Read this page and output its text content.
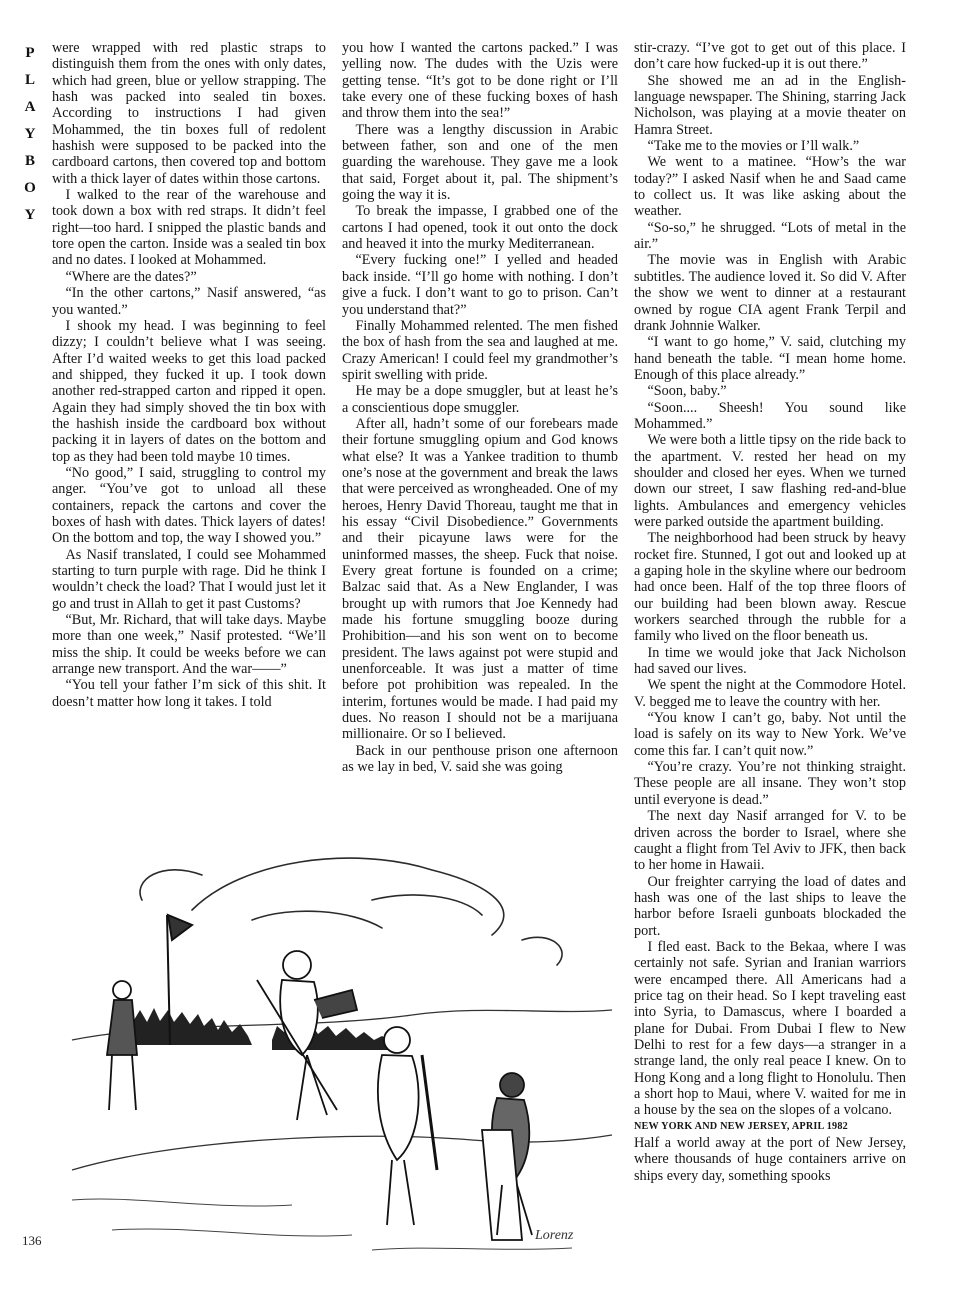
P
L
A
Y
B
O
Y

were wrapped with red plastic straps to distinguish them from the ones with only dates, which had green, blue or yellow strapping. The hash was packed into sealed tin boxes. According to instructions I had given Mohammed, the tin boxes full of redolent hashish were supposed to be packed into the cardboard cartons, then covered top and bottom with a thick layer of dates within those cartons.

I walked to the rear of the warehouse and took down a box with red straps. It didn’t feel right—too hard. I snipped the plastic bands and tore open the carton. Inside was a sealed tin box and no dates. I looked at Mohammed.

“Where are the dates?”

“In the other cartons,” Nasif answered, “as you wanted.”

I shook my head. I was beginning to feel dizzy; I couldn’t believe what I was seeing. After I’d waited weeks to get this load packed and shipped, they fucked it up. I took down another red-strapped carton and ripped it open. Again they had simply shoved the tin box with the hashish inside the cardboard box without packing it in layers of dates on the bottom and top as they had been told maybe 10 times.

“No good,” I said, struggling to control my anger. “You’ve got to unload all these containers, repack the cartons and cover the boxes of hash with dates. Thick layers of dates! On the bottom and top, the way I showed you.”

As Nasif translated, I could see Mohammed starting to turn purple with rage. Did he think I wouldn’t check the load? That I would just let it go and trust in Allah to get it past Customs?

“But, Mr. Richard, that will take days. Maybe more than one week,” Nasif protested. “We’ll miss the ship. It could be weeks before we can arrange new transport. And the war——”

“You tell your father I’m sick of this shit. It doesn’t matter how long it takes. I told

you how I wanted the cartons packed.” I was yelling now. The dudes with the Uzis were getting tense. “It’s got to be done right or I’ll take every one of these fucking boxes of hash and throw them into the sea!”

There was a lengthy discussion in Arabic between father, son and one of the men guarding the warehouse. They gave me a look that said, Forget about it, pal. The shipment’s going the way it is.

To break the impasse, I grabbed one of the cartons I had opened, took it out onto the dock and heaved it into the murky Mediterranean.

“Every fucking one!” I yelled and headed back inside. “I’ll go home with nothing. I don’t give a fuck. I don’t want to go to prison. Can’t you understand that?”

Finally Mohammed relented. The men fished the box of hash from the sea and laughed at me. Crazy American! I could feel my grandmother’s spirit swelling with pride.

He may be a dope smuggler, but at least he’s a conscientious dope smuggler.

After all, hadn’t some of our forebears made their fortune smuggling opium and God knows what else? It was a Yankee tradition to thumb one’s nose at the government and break the laws that were perceived as wrongheaded. One of my heroes, Henry David Thoreau, taught me that in his essay “Civil Disobedience.” Governments and their picayune laws were for the uninformed masses, the sheep. Fuck that noise. Every great fortune is founded on a crime; Balzac said that. As a New Englander, I was brought up with rumors that Joe Kennedy had made his fortune smuggling booze during Prohibition—and his son went on to become president. The laws against pot were stupid and unenforceable. It was just a matter of time before pot prohibition was repealed. In the interim, fortunes would be made. I had paid my dues. No reason I should not be a marijuana millionaire. Or so I believed.

Back in our penthouse prison one afternoon as we lay in bed, V. said she was going

stir-crazy. “I’ve got to get out of this place. I don’t care how fucked-up it is out there.”

She showed me an ad in the English-language newspaper. The Shining, starring Jack Nicholson, was playing at a movie theater on Hamra Street.

“Take me to the movies or I’ll walk.”

We went to a matinee. “How’s the war today?” I asked Nasif when he and Saad came to collect us. It was like asking about the weather.

“So-so,” he shrugged. “Lots of metal in the air.”

The movie was in English with Arabic subtitles. The audience loved it. So did V. After the show we went to dinner at a restaurant owned by rogue CIA agent Frank Terpil and drank Johnnie Walker.

“I want to go home,” V. said, clutching my hand beneath the table. “I mean home home. Enough of this place already.”

“Soon, baby.”

“Soon.... Sheesh! You sound like Mohammed.”

We were both a little tipsy on the ride back to the apartment. V. rested her head on my shoulder and closed her eyes. When we turned down our street, I saw flashing red-and-blue lights. Ambulances and emergency vehicles were parked outside the apartment building.

The neighborhood had been struck by heavy rocket fire. Stunned, I got out and looked up at a gaping hole in the skyline where our bedroom had once been. Half of the top three floors of our building had been blown away. Rescue workers searched through the rubble for a family who lived on the floor beneath us.

In time we would joke that Jack Nicholson had saved our lives.

We spent the night at the Commodore Hotel. V. begged me to leave the country with her.

“You know I can’t go, baby. Not until the load is safely on its way to New York. We’ve come this far. I can’t quit now.”

“You’re crazy. You’re not thinking straight. These people are all insane. They won’t stop until everyone is dead.”

The next day Nasif arranged for V. to be driven across the border to Israel, where she caught a flight from Tel Aviv to JFK, then back to her home in Hawaii.

Our freighter carrying the load of dates and hash was one of the last ships to leave the harbor before Israeli gunboats blockaded the port.

I fled east. Back to the Bekaa, where I was certainly not safe. Syrian and Iranian warriors were encamped there. All Americans had a price tag on their head. So I kept traveling east into Syria, to Damascus, where I boarded a plane for Dubai. From Dubai I flew to New Delhi to rest for a few days—a stranger in a strange land, the only real peace I knew. On to Hong Kong and a long flight to Honolulu. Then a short hop to Maui, where V. waited for me in a house by the sea on the slopes of a volcano.

NEW YORK AND NEW JERSEY, APRIL 1982

Half a world away at the port of New Jersey, where thousands of huge containers arrive on ships every day, something spooks

Lorenz
136
